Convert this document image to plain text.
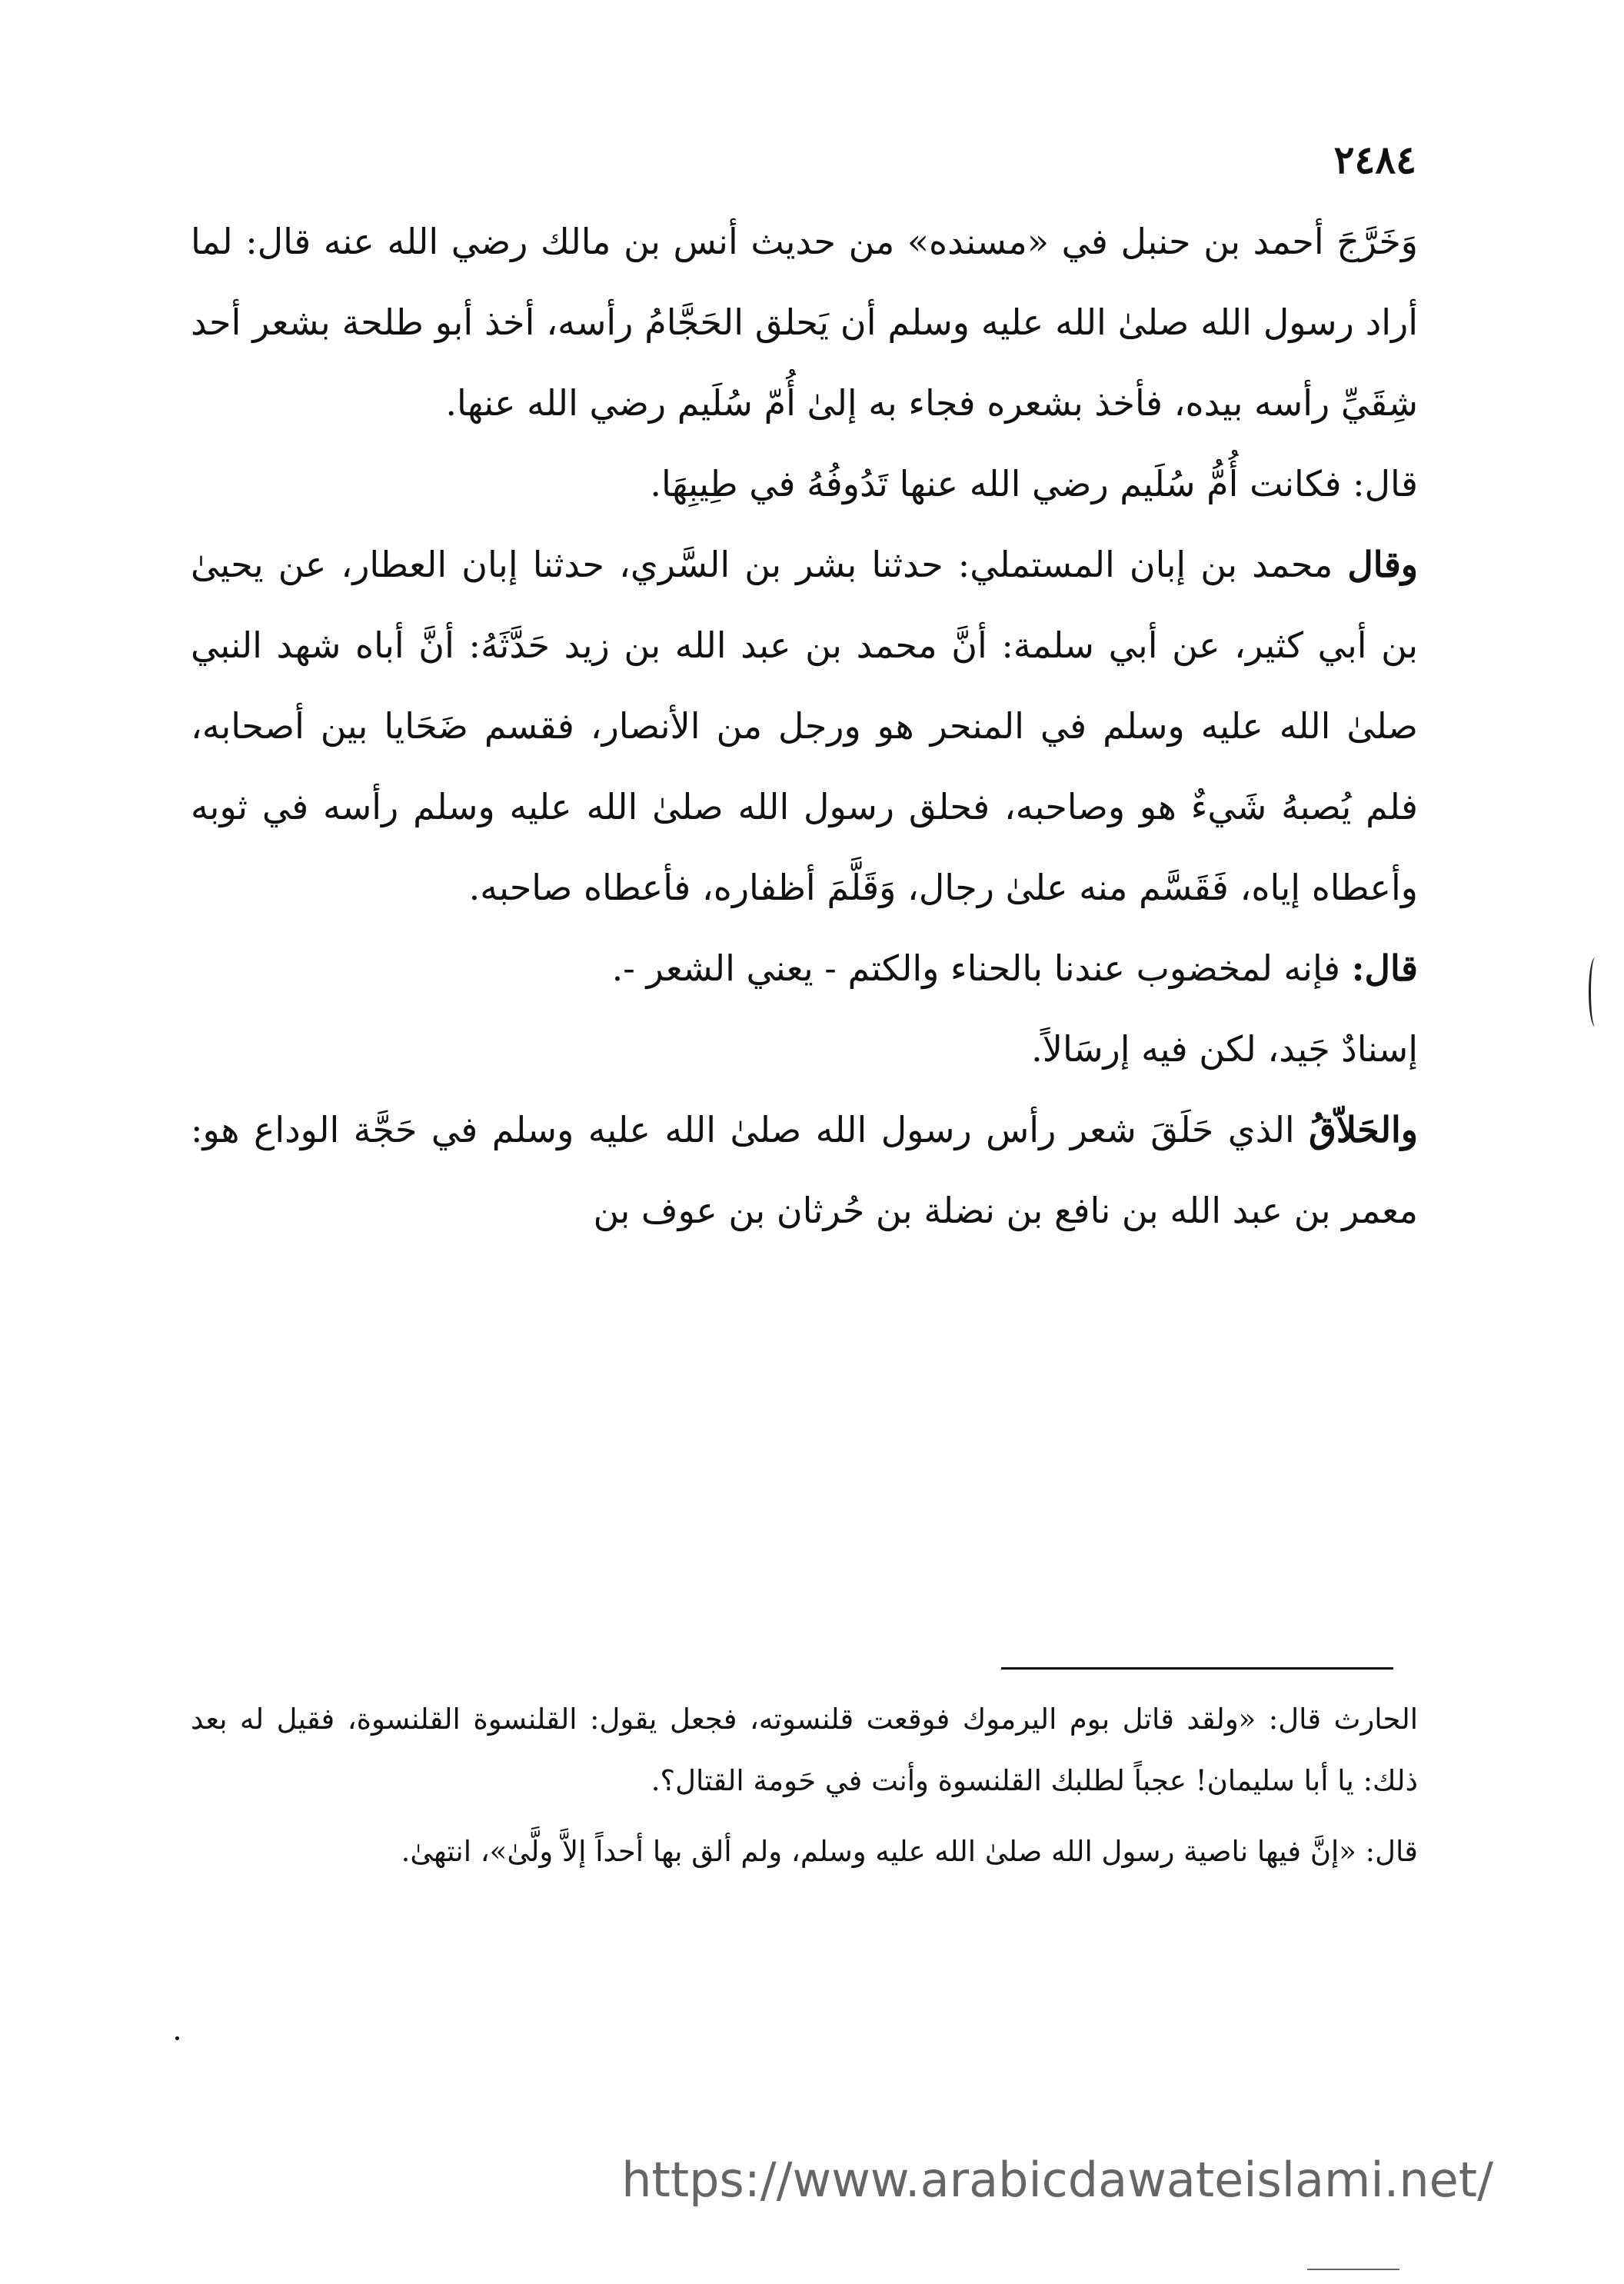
٢٤٨٤

وَخَرَّجَ أحمد بن حنبل في «مسنده» من حديث أنس بن مالك رضي الله عنه قال: لما أراد رسول الله صلىٰ الله عليه وسلم أن يَحلق الحَجَّامُ رأسه، أخذ أبو طلحة بشعر أحد شِقَيِّ رأسه بيده، فأخذ بشعره فجاء به إلىٰ أُمّ سُلَيم رضي الله عنها.

قال: فكانت أُمُّ سُلَيم رضي الله عنها تَدُوفُهُ في طِيبِهَا.

وقال محمد بن إبان المستملي: حدثنا بشر بن السَّري، حدثنا إبان العطار، عن يحيىٰ بن أبي كثير، عن أبي سلمة: أنَّ محمد بن عبد الله بن زيد حَدَّثَهُ: أنَّ أباه شهد النبي صلىٰ الله عليه وسلم في المنحر هو ورجل من الأنصار، فقسم ضَحَايا بين أصحابه، فلم يُصبهُ شَيءٌ هو وصاحبه، فحلق رسول الله صلىٰ الله عليه وسلم رأسه في ثوبه وأعطاه إياه، فَقَسَّم منه علىٰ رجال، وَقَلَّمَ أظفاره، فأعطاه صاحبه.

قال: فإنه لمخضوب عندنا بالحناء والكتم - يعني الشعر -.

إسنادٌ جَيد، لكن فيه إرسَالاً.

والحَلاّقُ الذي حَلَقَ شعر رأس رسول الله صلىٰ الله عليه وسلم في حَجَّة الوداع هو: معمر بن عبد الله بن نافع بن نضلة بن حُرثان بن عوف بن

الحارث قال: «ولقد قاتل بوم اليرموك فوقعت قلنسوته، فجعل يقول: القلنسوة القلنسوة، فقيل له بعد ذلك: يا أبا سليمان! عجباً لطلبك القلنسوة وأنت في حَومة القتال؟.

قال: «إنَّ فيها ناصية رسول الله صلىٰ الله عليه وسلم، ولم ألق بها أحداً إلاَّ ولَّىٰ»، انتهىٰ.

https://www.arabicdawateislami.net/
